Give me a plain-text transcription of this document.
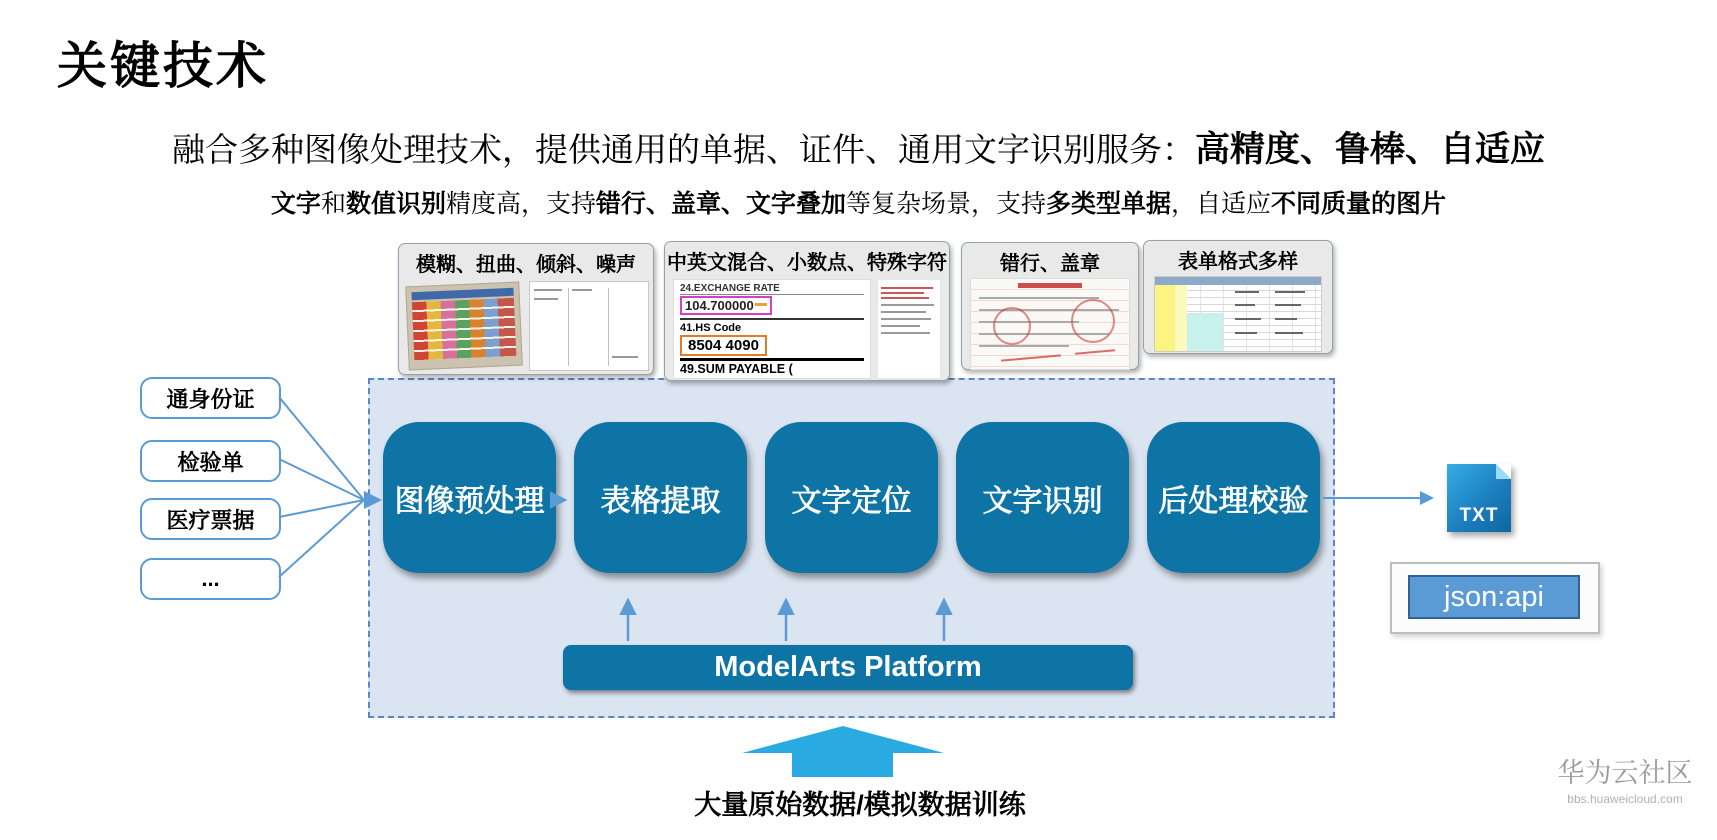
关键技术
融合多种图像处理技术，提供通用的单据、证件、通用文字识别服务：高精度、鲁棒、自适应
文字和数值识别精度高，支持错行、盖章、文字叠加等复杂场景，支持多类型单据，自适应不同质量的图片
模糊、扭曲、倾斜、噪声	中英文混合、小数点、特殊字符
24.EXCHANGE RATE
104.700000
41.HS Code
8504 4090
49.SUM PAYABLE (
错行、盖章	表单格式多样
通身份证
检验单
医疗票据
...
图像预处理 表格提取 文字定位 文字识别 后处理校验
ModelArts Platform
TXT
json:api
大量原始数据/模拟数据训练
华为云社区
bbs.huaweicloud.com
